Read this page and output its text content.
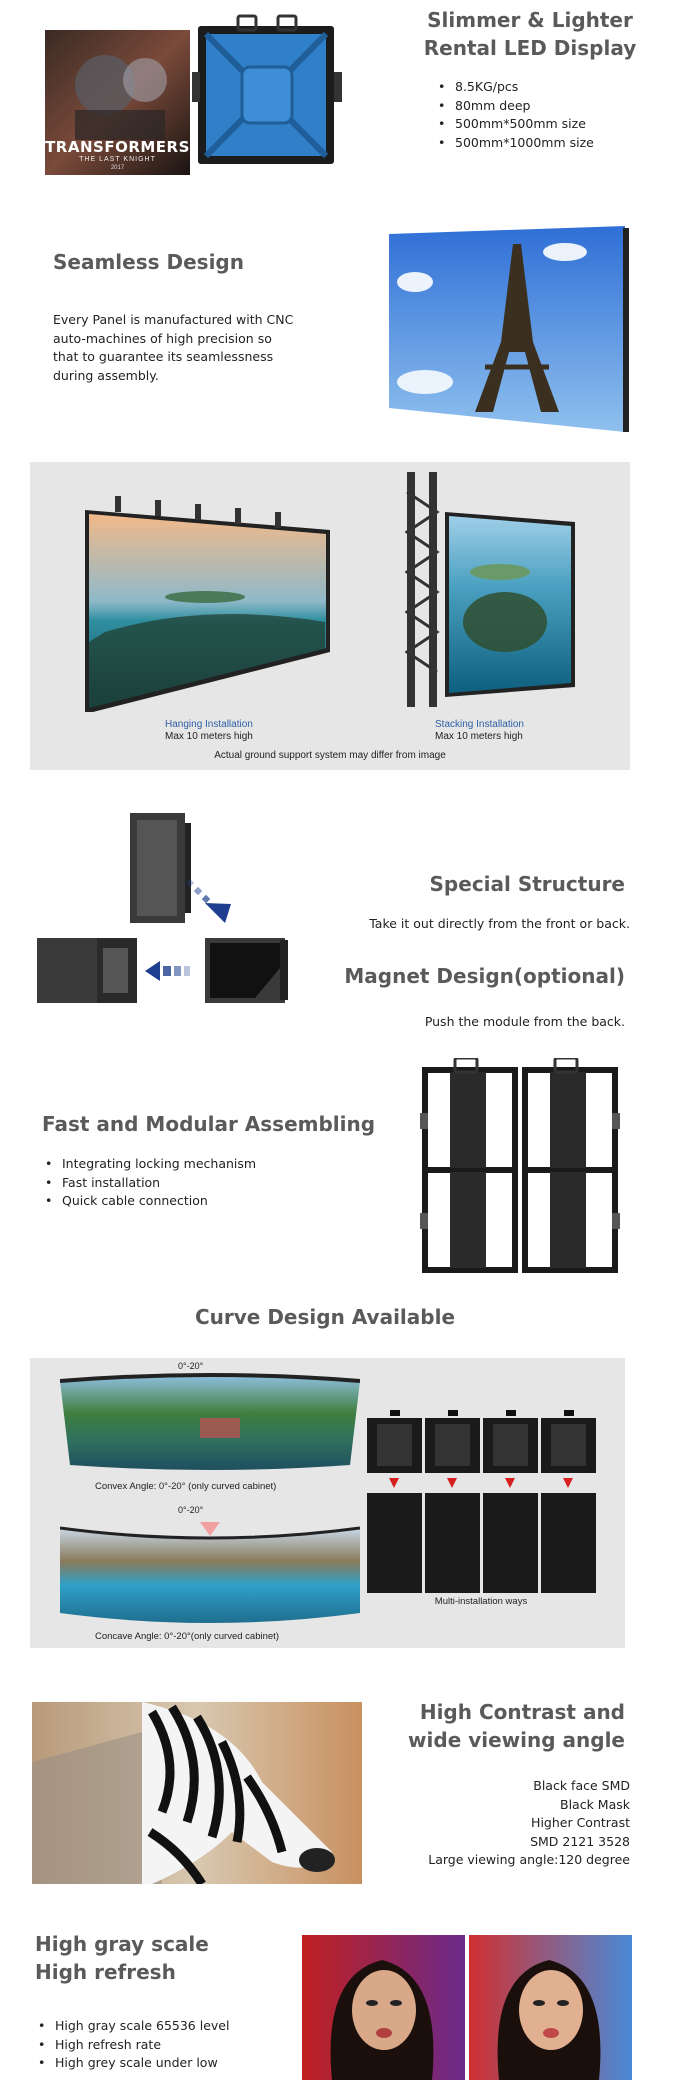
TRANSFORMERS
THE LAST KNIGHT
2017
Slimmer & Lighter
Rental LED Display
• 8.5KG/pcs
• 80mm deep
• 500mm*500mm size
• 500mm*1000mm size
Seamless Design
Every Panel is manufactured with CNC auto-machines of high precision so that to guarantee its seamlessness during assembly.
Hanging Installation
Max 10 meters high
Stacking Installation
Max 10 meters high
Actual ground support system may differ from image
Special Structure
Take it out directly from the front or back.
Magnet Design(optional)
Push the module from the back.
Fast and Modular Assembling
• Integrating locking mechanism
• Fast installation
• Quick cable connection
Curve Design Available
0°-20°
Convex Angle: 0°-20° (only curved cabinet)
0°-20°
Concave Angle: 0°-20°(only curved cabinet)
Multi-installation ways
High Contrast and
wide viewing angle
Black face SMD
Black Mask
Higher Contrast
SMD 2121 3528
Large viewing angle:120 degree
High gray scale
High refresh
• High gray scale 65536 level
• High refresh rate
• High grey scale under low
